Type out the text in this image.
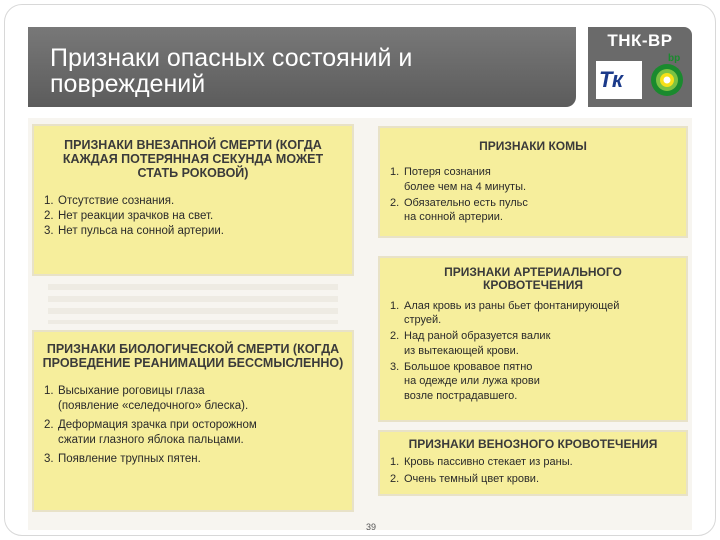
Признаки опасных состояний и
повреждений
ТНК-ВР
Тк
bp
ПРИЗНАКИ ВНЕЗАПНОЙ СМЕРТИ (КОГДА КАЖДАЯ ПОТЕРЯННАЯ СЕКУНДА МОЖЕТ СТАТЬ РОКОВОЙ)
1. Отсутствие сознания.
2. Нет реакции зрачков на свет.
3. Нет пульса на сонной артерии.
ПРИЗНАКИ БИОЛОГИЧЕСКОЙ СМЕРТИ (КОГДА ПРОВЕДЕНИЕ РЕАНИМАЦИИ БЕССМЫСЛЕННО)
1. Высыхание роговицы глаза
(появление «селедочного» блеска).
2. Деформация зрачка при осторожном
сжатии глазного яблока пальцами.
3. Появление трупных пятен.
ПРИЗНАКИ КОМЫ
1. Потеря сознания
более чем на 4 минуты.
2. Обязательно есть пульс
на сонной артерии.
ПРИЗНАКИ АРТЕРИАЛЬНОГО КРОВОТЕЧЕНИЯ
1. Алая кровь из раны бьет фонтанирующей
струей.
2. Над раной образуется валик
из вытекающей крови.
3. Большое кровавое пятно
на одежде или лужа крови
возле пострадавшего.
ПРИЗНАКИ ВЕНОЗНОГО КРОВОТЕЧЕНИЯ
1. Кровь пассивно стекает из раны.
2. Очень темный цвет крови.
39
